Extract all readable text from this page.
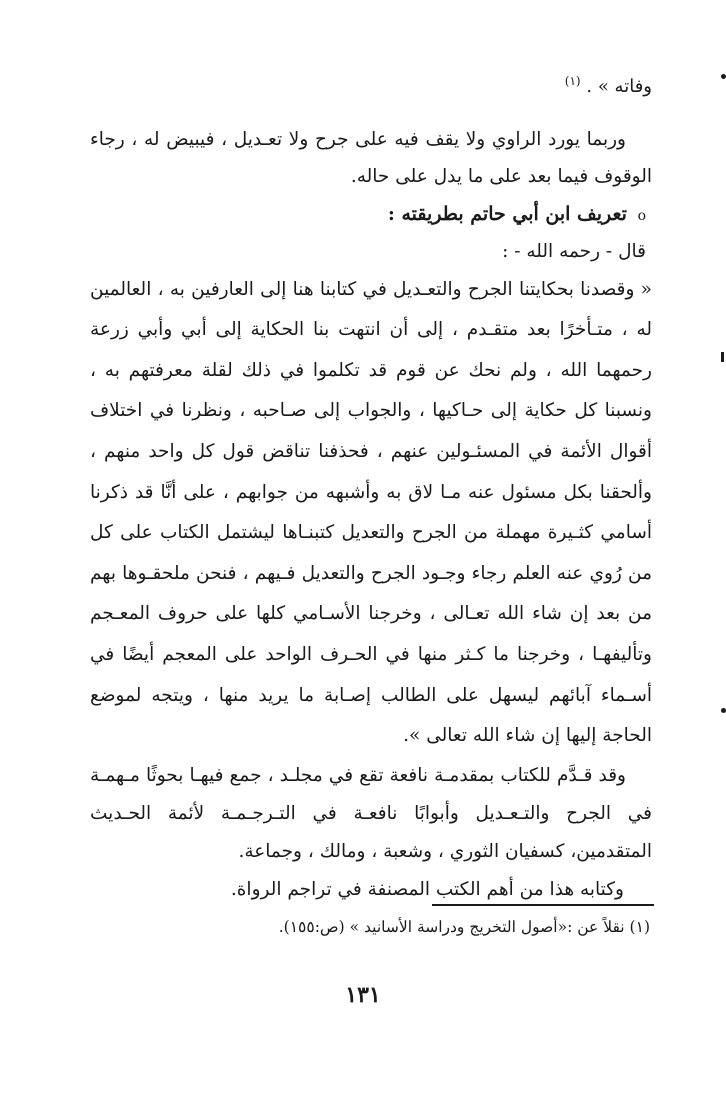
وفاته » . $^{(١)}$

وربما يورد الراوي ولا يقف فيه على جرح ولا تعـديل ، فيبيض له ، رجاء الوقوف فيما بعد على ما يدل على حاله.

o تعريف ابن أبي حاتم بطريقته :

قال - رحمه الله - :

« وقصدنا بحكايتنا الجرح والتعـديل في كتابنا هنا إلى العارفين به ، العالمين له ، متـأخرًا بعد متقـدم ، إلى أن انتهت بنا الحكاية إلى أبي وأبي زرعة رحمهما الله ، ولم نحك عن قوم قد تكلموا في ذلك لقلة معرفتهم به ، ونسبنا كل حكاية إلى حـاكيها ، والجواب إلى صـاحبه ، ونظرنا في اختلاف أقوال الأئمة في المسئـولين عنهم ، فحذفنا تناقض قول كل واحد منهم ، وألحقنا بكل مسئول عنه مـا لاق به وأشبهه من جوابهم ، على أنَّا قد ذكرنا أسامي كثـيرة مهملة من الجرح والتعديل كتبنـاها ليشتمل الكتاب على كل من رُوي عنه العلم رجاء وجـود الجرح والتعديل فـيهم ، فنحن ملحقـوها بهم من بعد إن شاء الله تعـالى ، وخرجنا الأسـامي كلها على حروف المعـجم وتأليفهـا ، وخرجنا ما كـثر منها في الحـرف الواحد على المعجم أيضًا في أسـماء آبائهم ليسهل على الطالب إصـابة ما يريد منها ، ويتجه لموضع الحاجة إليها إن شاء الله تعالى ».

وقد قـدَّم للكتاب بمقدمـة نافعة تقع في مجلـد ، جمع فيهـا بحوثًا مـهمـة في الجرح والتـعـديل وأبوابًا نافعـة في التـرجـمـة لأئمة الحـديث المتقدمين، كسفيان الثوري ، وشعبة ، ومالك ، وجماعة.

وكتابه هذا من أهم الكتب المصنفة في تراجم الرواة.

(١) نقلاً عن :«أصول التخريج ودراسة الأسانيد » (ص:١٥٥).
١٣١
